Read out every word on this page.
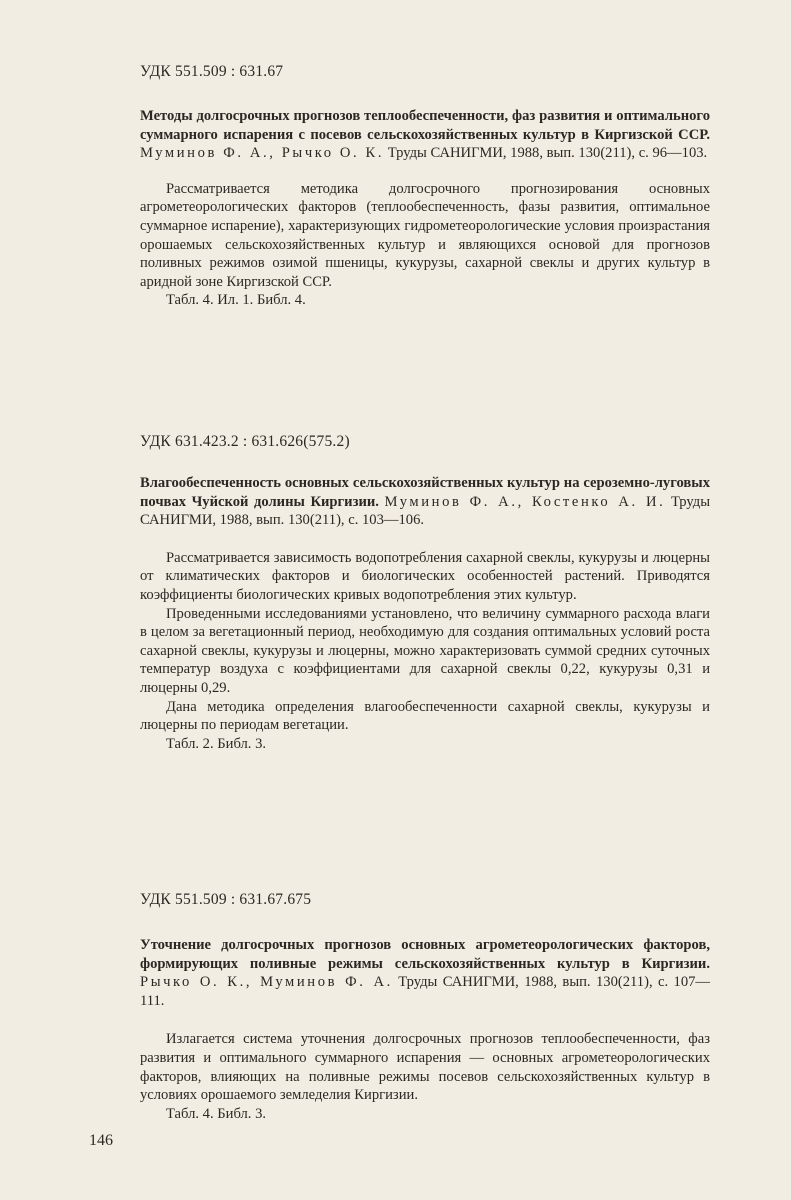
УДК 551.509 : 631.67

Методы долгосрочных прогнозов теплообеспеченности, фаз развития и оптимального суммарного испарения с посевов сельскохозяйственных культур в Киргизской ССР. Муминов Ф. А., Рычко О. К. Труды САНИГМИ, 1988, вып. 130(211), с. 96—103.

Рассматривается методика долгосрочного прогнозирования основных агрометеорологических факторов (теплообеспеченность, фазы развития, оптимальное суммарное испарение), характеризующих гидрометеорологические условия произрастания орошаемых сельскохозяйственных культур и являющихся основой для прогнозов поливных режимов озимой пшеницы, кукурузы, сахарной свеклы и других культур в аридной зоне Киргизской ССР.

Табл. 4. Ил. 1. Библ. 4.

УДК 631.423.2 : 631.626(575.2)

Влагообеспеченность основных сельскохозяйственных культур на сероземно-луговых почвах Чуйской долины Киргизии. Муминов Ф. А., Костенко А. И. Труды САНИГМИ, 1988, вып. 130(211), с. 103—106.

Рассматривается зависимость водопотребления сахарной свеклы, кукурузы и люцерны от климатических факторов и биологических особенностей растений. Приводятся коэффициенты биологических кривых водопотребления этих культур.

Проведенными исследованиями установлено, что величину суммарного расхода влаги в целом за вегетационный период, необходимую для создания оптимальных условий роста сахарной свеклы, кукурузы и люцерны, можно характеризовать суммой средних суточных температур воздуха с коэффициентами для сахарной свеклы 0,22, кукурузы 0,31 и люцерны 0,29.

Дана методика определения влагообеспеченности сахарной свеклы, кукурузы и люцерны по периодам вегетации.

Табл. 2. Библ. 3.

УДК 551.509 : 631.67.675

Уточнение долгосрочных прогнозов основных агрометеорологических факторов, формирующих поливные режимы сельскохозяйственных культур в Киргизии. Рычко О. К., Муминов Ф. А. Труды САНИГМИ, 1988, вып. 130(211), с. 107—111.

Излагается система уточнения долгосрочных прогнозов теплообеспеченности, фаз развития и оптимального суммарного испарения — основных агрометеорологических факторов, влияющих на поливные режимы посевов сельскохозяйственных культур в условиях орошаемого земледелия Киргизии.

Табл. 4. Библ. 3.

146
